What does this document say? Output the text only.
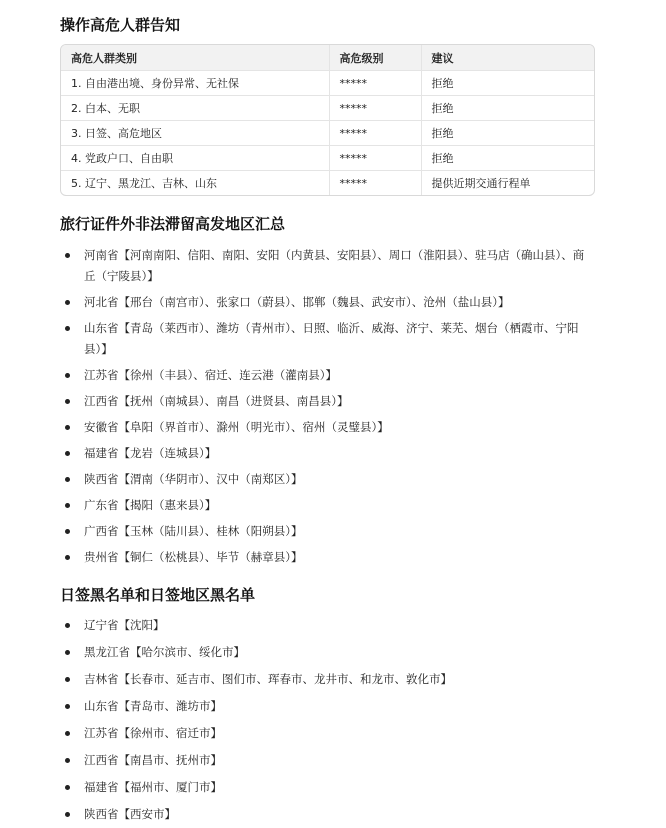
操作高危人群告知
高危人群类别	高危级别	建议
1. 自由港出境、身份异常、无社保	*****	拒绝
2. 白本、无职	*****	拒绝
3. 日签、高危地区	*****	拒绝
4. 党政户口、自由职	*****	拒绝
5. 辽宁、黑龙江、吉林、山东	*****	提供近期交通行程单
旅行证件外非法滞留高发地区汇总
河南省【河南南阳、信阳、南阳、安阳（内黄县、安阳县）、周口（淮阳县）、驻马店（确山县）、商丘（宁陵县）】
河北省【邢台（南宫市）、张家口（蔚县）、邯郸（魏县、武安市）、沧州（盐山县）】
山东省【青岛（莱西市）、潍坊（青州市）、日照、临沂、威海、济宁、莱芜、烟台（栖霞市、宁阳县）】
江苏省【徐州（丰县）、宿迁、连云港（灌南县）】
江西省【抚州（南城县）、南昌（进贤县、南昌县）】
安徽省【阜阳（界首市）、滁州（明光市）、宿州（灵璧县）】
福建省【龙岩（连城县）】
陕西省【渭南（华阴市）、汉中（南郑区）】
广东省【揭阳（惠来县）】
广西省【玉林（陆川县）、桂林（阳朔县）】
贵州省【铜仁（松桃县）、毕节（赫章县）】
日签黑名单和日签地区黑名单
辽宁省【沈阳】
黑龙江省【哈尔滨市、绥化市】
吉林省【长春市、延吉市、图们市、珲春市、龙井市、和龙市、敦化市】
山东省【青岛市、潍坊市】
江苏省【徐州市、宿迁市】
江西省【南昌市、抚州市】
福建省【福州市、厦门市】
陕西省【西安市】
